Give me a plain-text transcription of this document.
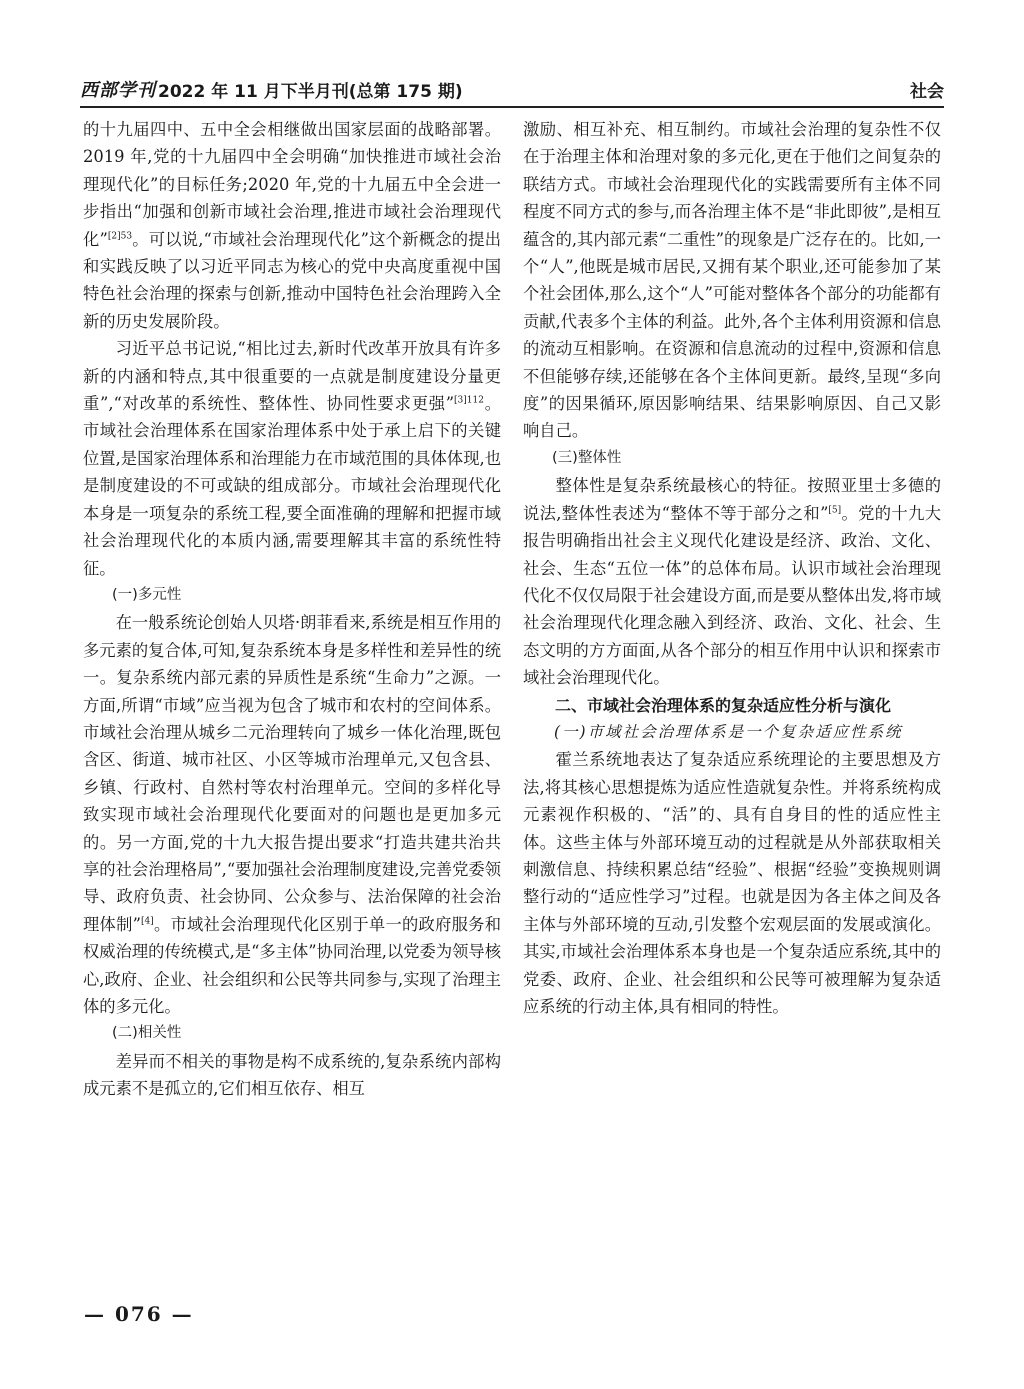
西部学刊 2022 年 11 月下半月刊(总第 175 期)	社会

的十九届四中、五中全会相继做出国家层面的战略部署。2019 年,党的十九届四中全会明确“加快推进市域社会治理现代化”的目标任务;2020 年,党的十九届五中全会进一步指出“加强和创新市域社会治理,推进市域社会治理现代化”$^{[2]53}$。可以说,“市域社会治理现代化”这个新概念的提出和实践反映了以习近平同志为核心的党中央高度重视中国特色社会治理的探索与创新,推动中国特色社会治理跨入全新的历史发展阶段。

习近平总书记说,“相比过去,新时代改革开放具有许多新的内涵和特点,其中很重要的一点就是制度建设分量更重”,“对改革的系统性、整体性、协同性要求更强”$^{[3]112}$。市域社会治理体系在国家治理体系中处于承上启下的关键位置,是国家治理体系和治理能力在市域范围的具体体现,也是制度建设的不可或缺的组成部分。市域社会治理现代化本身是一项复杂的系统工程,要全面准确的理解和把握市域社会治理现代化的本质内涵,需要理解其丰富的系统性特征。

(一)多元性

在一般系统论创始人贝塔·朗菲看来,系统是相互作用的多元素的复合体,可知,复杂系统本身是多样性和差异性的统一。复杂系统内部元素的异质性是系统“生命力”之源。一方面,所谓“市域”应当视为包含了城市和农村的空间体系。市域社会治理从城乡二元治理转向了城乡一体化治理,既包含区、街道、城市社区、小区等城市治理单元,又包含县、乡镇、行政村、自然村等农村治理单元。空间的多样化导致实现市域社会治理现代化要面对的问题也是更加多元的。另一方面,党的十九大报告提出要求“打造共建共治共享的社会治理格局”,“要加强社会治理制度建设,完善党委领导、政府负责、社会协同、公众参与、法治保障的社会治理体制”[4]。市域社会治理现代化区别于单一的政府服务和权威治理的传统模式,是“多主体”协同治理,以党委为领导核心,政府、企业、社会组织和公民等共同参与,实现了治理主体的多元化。

(二)相关性

差异而不相关的事物是构不成系统的,复杂系统内部构成元素不是孤立的,它们相互依存、相互

激励、相互补充、相互制约。市域社会治理的复杂性不仅在于治理主体和治理对象的多元化,更在于他们之间复杂的联结方式。市域社会治理现代化的实践需要所有主体不同程度不同方式的参与,而各治理主体不是“非此即彼”,是相互蕴含的,其内部元素“二重性”的现象是广泛存在的。比如,一个“人”,他既是城市居民,又拥有某个职业,还可能参加了某个社会团体,那么,这个“人”可能对整体各个部分的功能都有贡献,代表多个主体的利益。此外,各个主体利用资源和信息的流动互相影响。在资源和信息流动的过程中,资源和信息不但能够存续,还能够在各个主体间更新。最终,呈现“多向度”的因果循环,原因影响结果、结果影响原因、自己又影响自己。

(三)整体性

整体性是复杂系统最核心的特征。按照亚里士多德的说法,整体性表述为“整体不等于部分之和”[5]。党的十九大报告明确指出社会主义现代化建设是经济、政治、文化、社会、生态“五位一体”的总体布局。认识市域社会治理现代化不仅仅局限于社会建设方面,而是要从整体出发,将市域社会治理现代化理念融入到经济、政治、文化、社会、生态文明的方方面面,从各个部分的相互作用中认识和探索市域社会治理现代化。

二、市域社会治理体系的复杂适应性分析与演化

(一)市域社会治理体系是一个复杂适应性系统

霍兰系统地表达了复杂适应系统理论的主要思想及方法,将其核心思想提炼为适应性造就复杂性。并将系统构成元素视作积极的、“活”的、具有自身目的性的适应性主体。这些主体与外部环境互动的过程就是从外部获取相关刺激信息、持续积累总结“经验”、根据“经验”变换规则调整行动的“适应性学习”过程。也就是因为各主体之间及各主体与外部环境的互动,引发整个宏观层面的发展或演化。其实,市域社会治理体系本身也是一个复杂适应系统,其中的党委、政府、企业、社会组织和公民等可被理解为复杂适应系统的行动主体,具有相同的特性。

— 076 —
